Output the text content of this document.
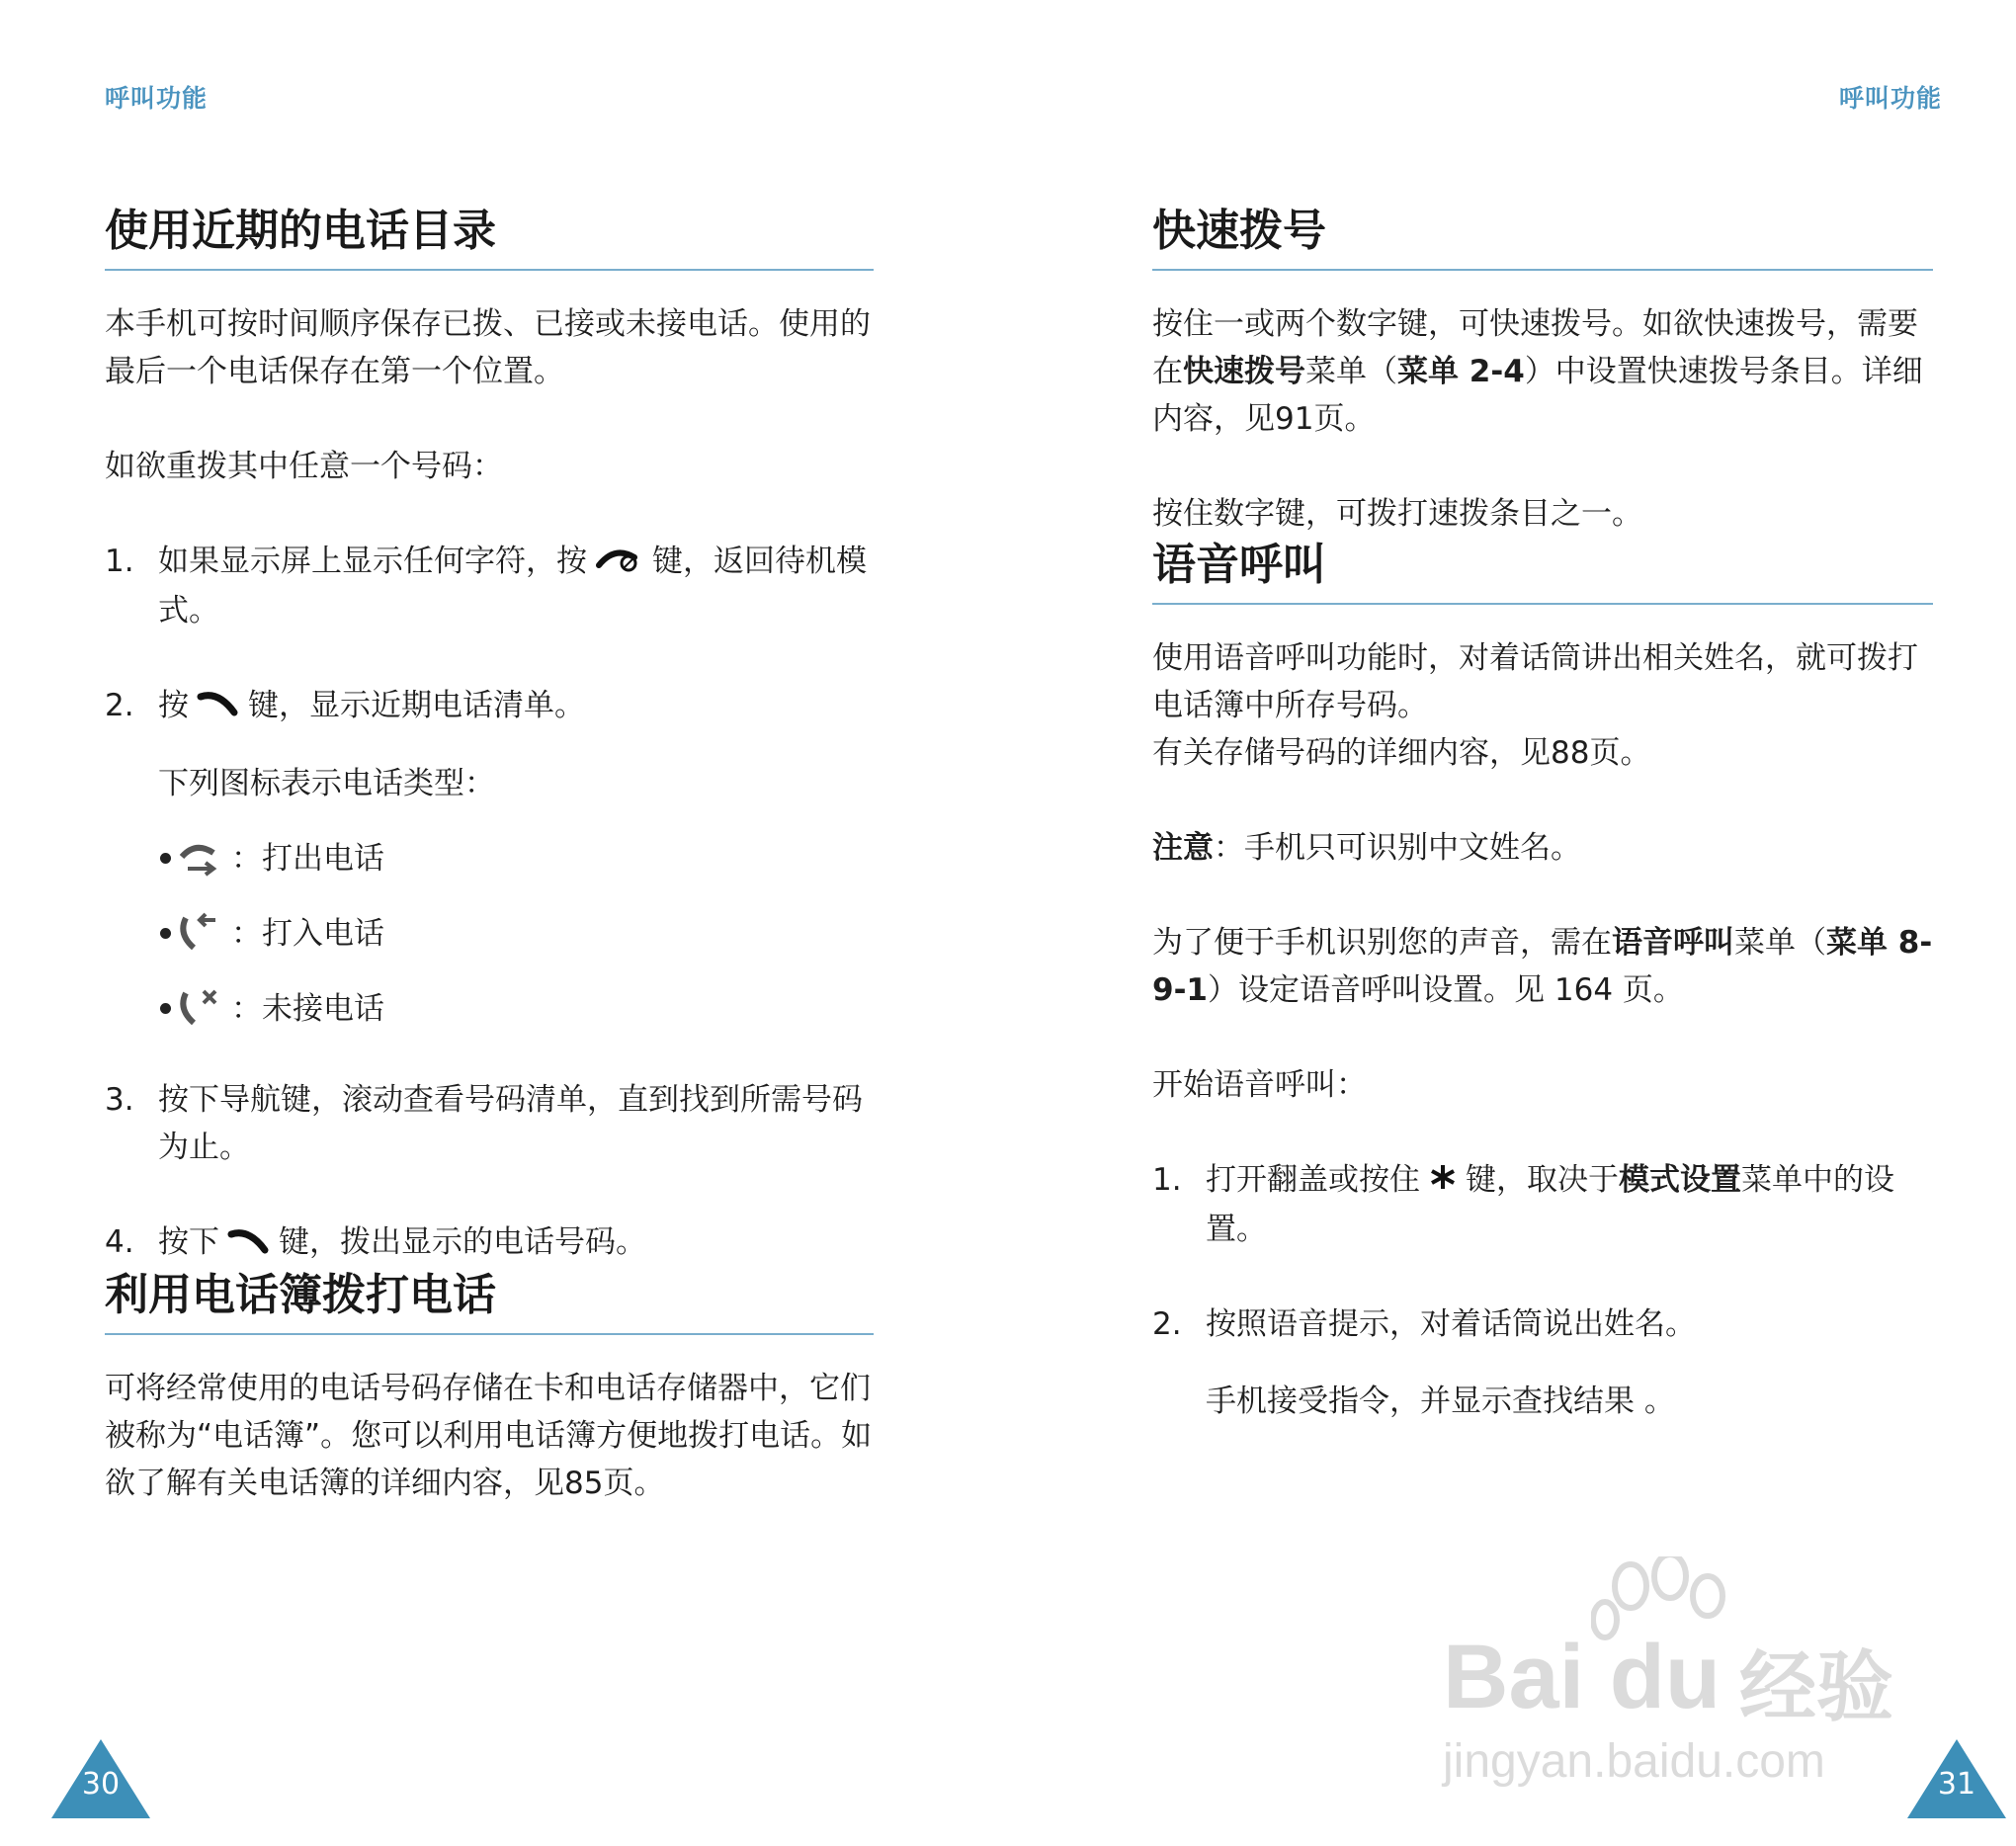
呼叫功能
使用近期的电话目录

本手机可按时间顺序保存已拨、已接或未接电话。使用的最后一个电话保存在第一个位置。

如欲重拨其中任意一个号码：

1. 如果显示屏上显示任何字符，按 键，返回待机模式。
2. 按 键，显示近期电话清单。

下列图标表示电话类型：

：打出电话
：打入电话
：未接电话
3. 按下导航键，滚动查看号码清单，直到找到所需号码为止。
4. 按下 键，拨出显示的电话号码。
利用电话簿拨打电话

可将经常使用的电话号码存储在卡和电话存储器中，它们被称为“电话簿”。您可以利用电话簿方便地拨打电话。如欲了解有关电话簿的详细内容，见85页。

30
呼叫功能
快速拨号

按住一或两个数字键，可快速拨号。如欲快速拨号，需要在快速拨号菜单（菜单 2-4）中设置快速拨号条目。详细内容，见91页。

按住数字键，可拨打速拨条目之一。

语音呼叫

使用语音呼叫功能时，对着话筒讲出相关姓名，就可拨打电话簿中所存号码。

有关存储号码的详细内容，见88页。

注意：手机只可识别中文姓名。

为了便于手机识别您的声音，需在语音呼叫菜单（菜单 8-9-1）设定语音呼叫设置。见 164 页。

开始语音呼叫：

1. 打开翻盖或按住 键，取决于模式设置菜单中的设置。
2. 按照语音提示，对着话筒说出姓名。

手机接受指令，并显示查找结果 。

31
Bai du 经验
jingyan.baidu.com
